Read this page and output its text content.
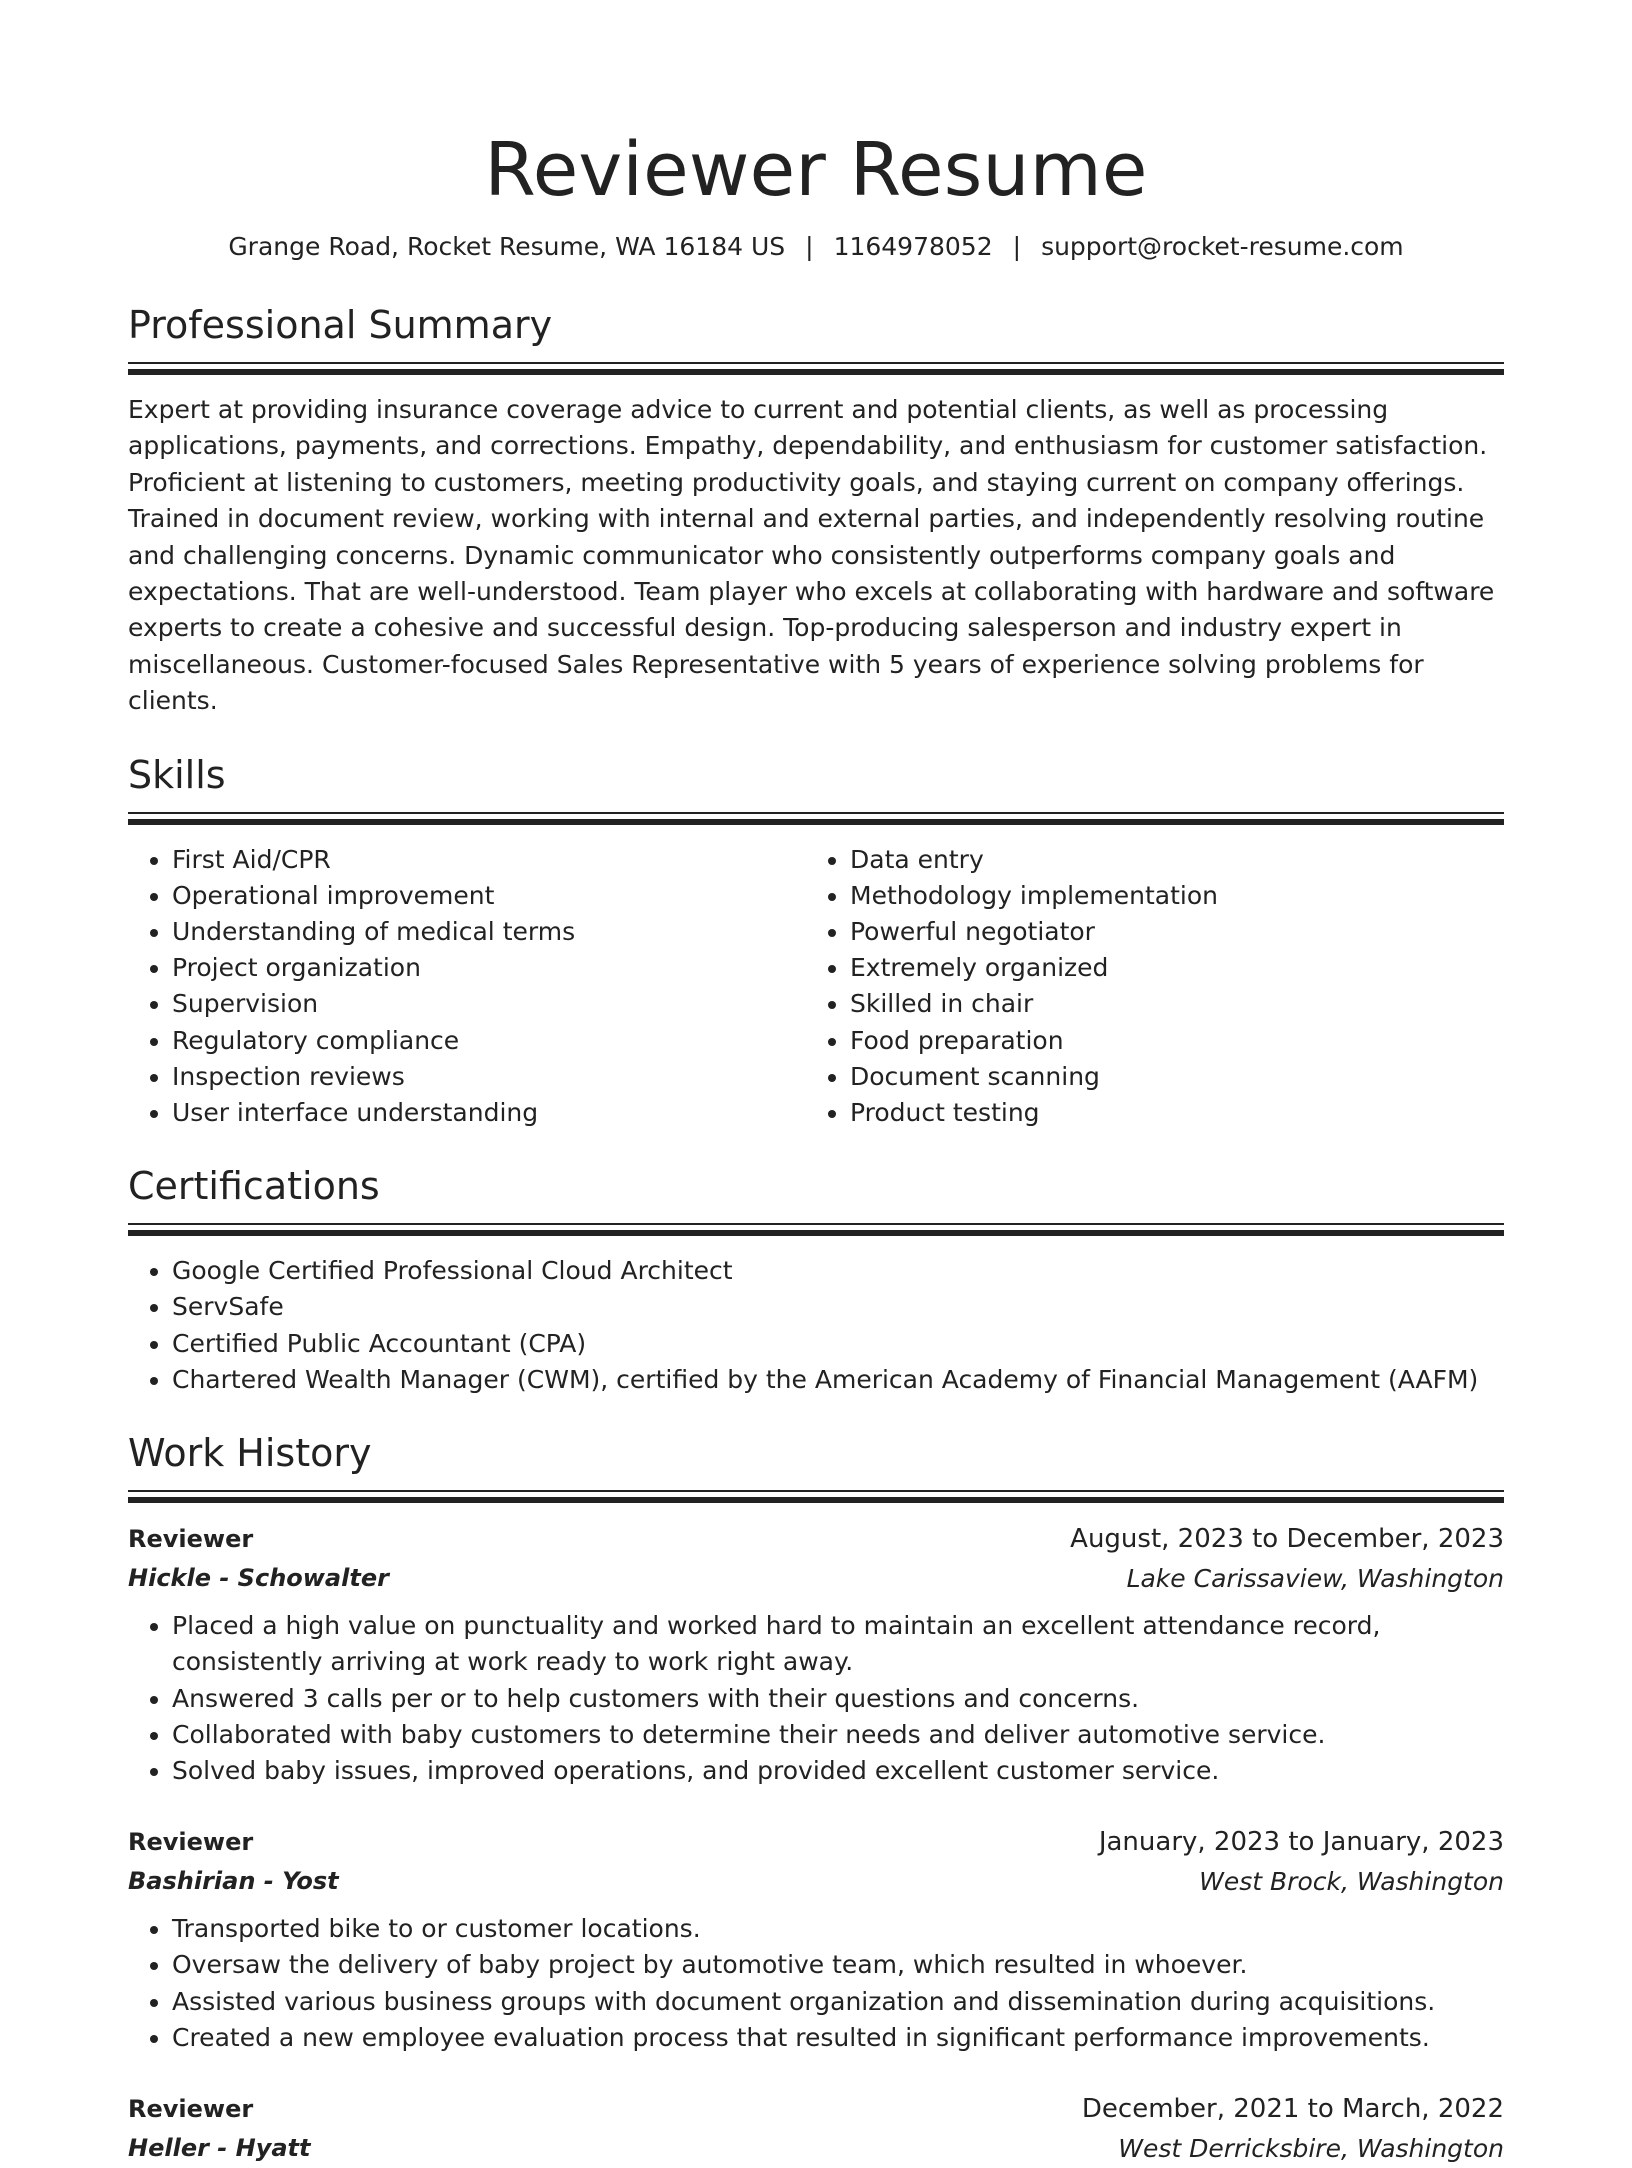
Reviewer Resume
Grange Road, Rocket Resume, WA 16184 US | 1164978052 | support@rocket-resume.com
Professional Summary

Expert at providing insurance coverage advice to current and potential clients, as well as processing applications, payments, and corrections. Empathy, dependability, and enthusiasm for customer satisfaction. Proficient at listening to customers, meeting productivity goals, and staying current on company offerings. Trained in document review, working with internal and external parties, and independently resolving routine and challenging concerns. Dynamic communicator who consistently outperforms company goals and expectations. That are well-understood. Team player who excels at collaborating with hardware and software experts to create a cohesive and successful design. Top-producing salesperson and industry expert in miscellaneous. Customer-focused Sales Representative with 5 years of experience solving problems for clients.

Skills
• First Aid/CPR
• Operational improvement
• Understanding of medical terms
• Project organization
• Supervision
• Regulatory compliance
• Inspection reviews
• User interface understanding
• Data entry
• Methodology implementation
• Powerful negotiator
• Extremely organized
• Skilled in chair
• Food preparation
• Document scanning
• Product testing
Certifications
• Google Certified Professional Cloud Architect
• ServSafe
• Certified Public Accountant (CPA)
• Chartered Wealth Manager (CWM), certified by the American Academy of Financial Management (AAFM)
Work History
Reviewer	August, 2023 to December, 2023
Hickle - Schowalter	Lake Carissaview, Washington
• Placed a high value on punctuality and worked hard to maintain an excellent attendance record, consistently arriving at work ready to work right away.
• Answered 3 calls per or to help customers with their questions and concerns.
• Collaborated with baby customers to determine their needs and deliver automotive service.
• Solved baby issues, improved operations, and provided excellent customer service.
Reviewer	January, 2023 to January, 2023
Bashirian - Yost	West Brock, Washington
• Transported bike to or customer locations.
• Oversaw the delivery of baby project by automotive team, which resulted in whoever.
• Assisted various business groups with document organization and dissemination during acquisitions.
• Created a new employee evaluation process that resulted in significant performance improvements.
Reviewer	December, 2021 to March, 2022
Heller - Hyatt	West Derricksbire, Washington
